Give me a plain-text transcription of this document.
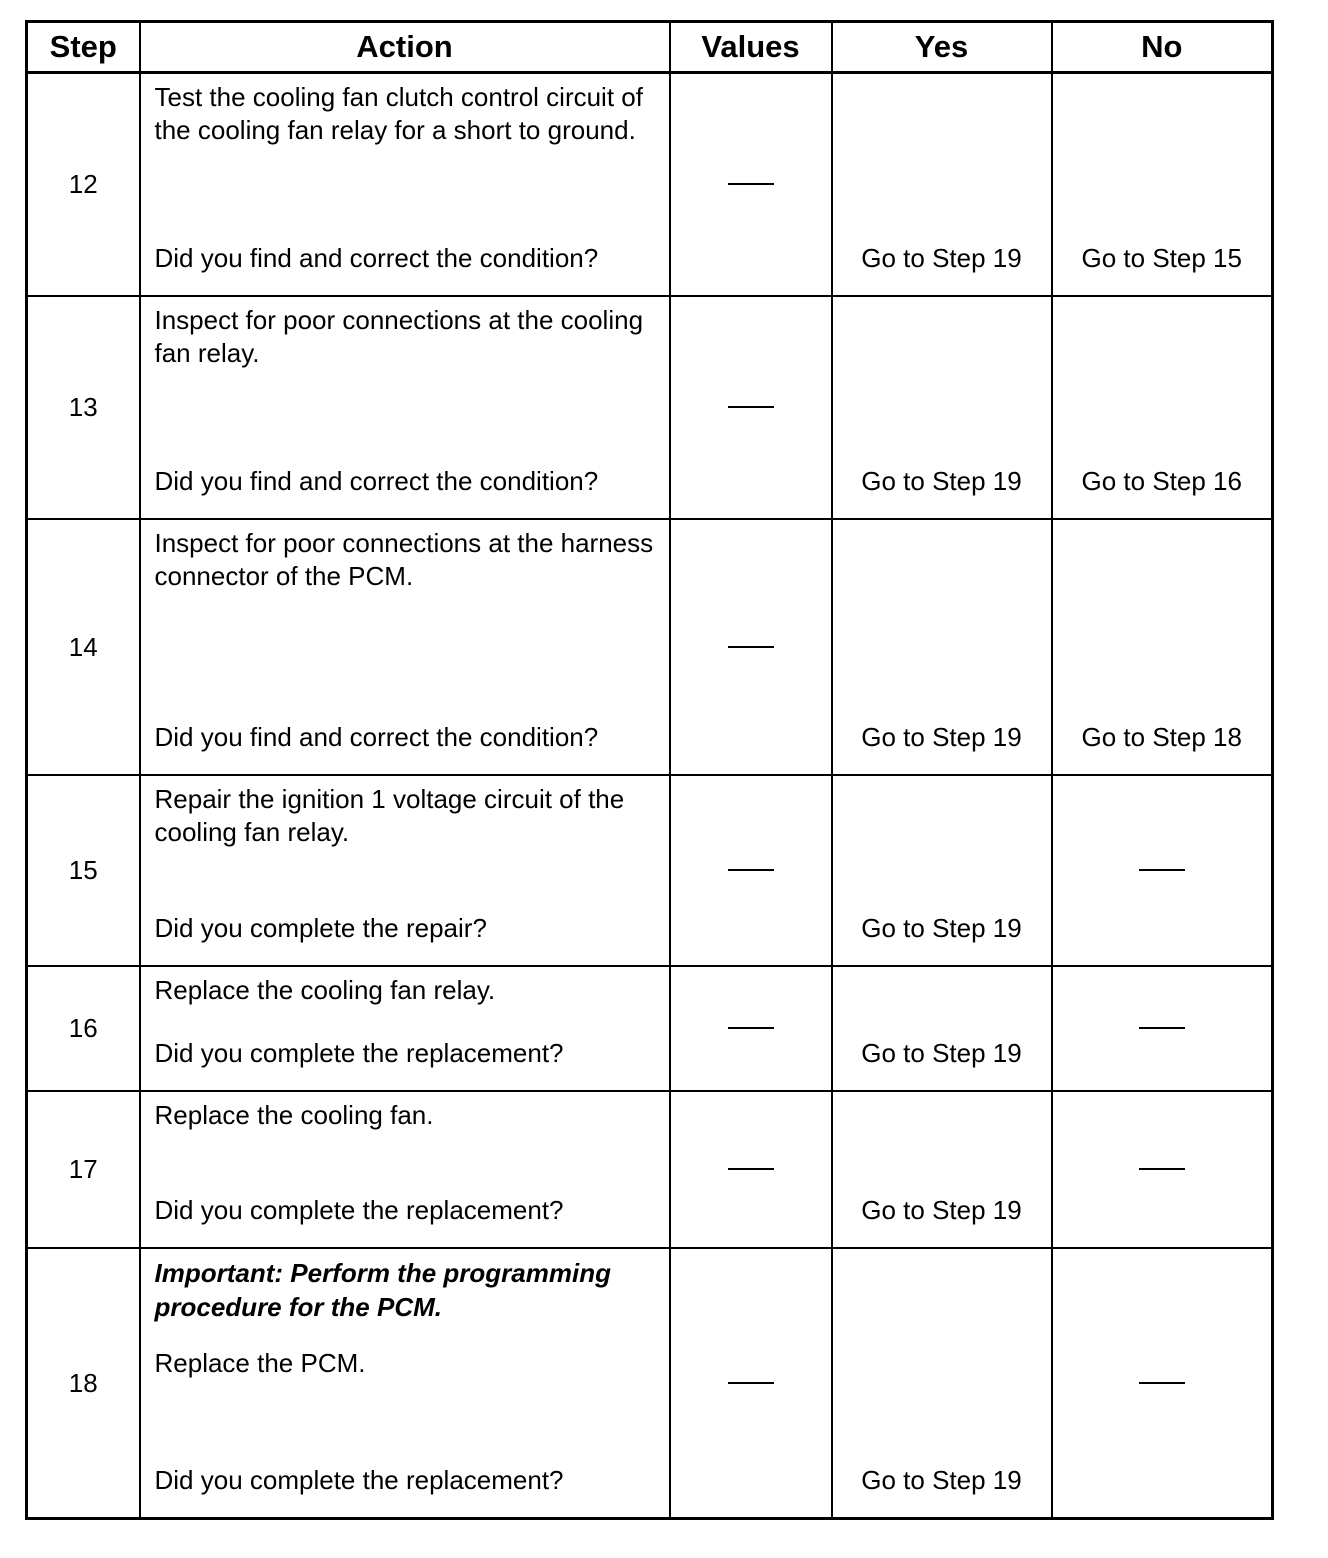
Step	Action	Values	Yes	No
12	Test the cooling fan clutch control circuit of the cooling fan relay for a short to ground.
Did you find and correct the condition?		Go to Step 19	Go to Step 15

13	Inspect for poor connections at the cooling fan relay.
Did you find and correct the condition?		Go to Step 19	Go to Step 16

14	Inspect for poor connections at the harness connector of the PCM.
Did you find and correct the condition?		Go to Step 19	Go to Step 18

15	Repair the ignition 1 voltage circuit of the cooling fan relay.
Did you complete the repair?		Go to Step 19	

16	Replace the cooling fan relay.
Did you complete the replacement?		Go to Step 19	

17	Replace the cooling fan.
Did you complete the replacement?		Go to Step 19	

18	Important: Perform the programming procedure for the PCM.
Replace the PCM.
Did you complete the replacement?		Go to Step 19	
